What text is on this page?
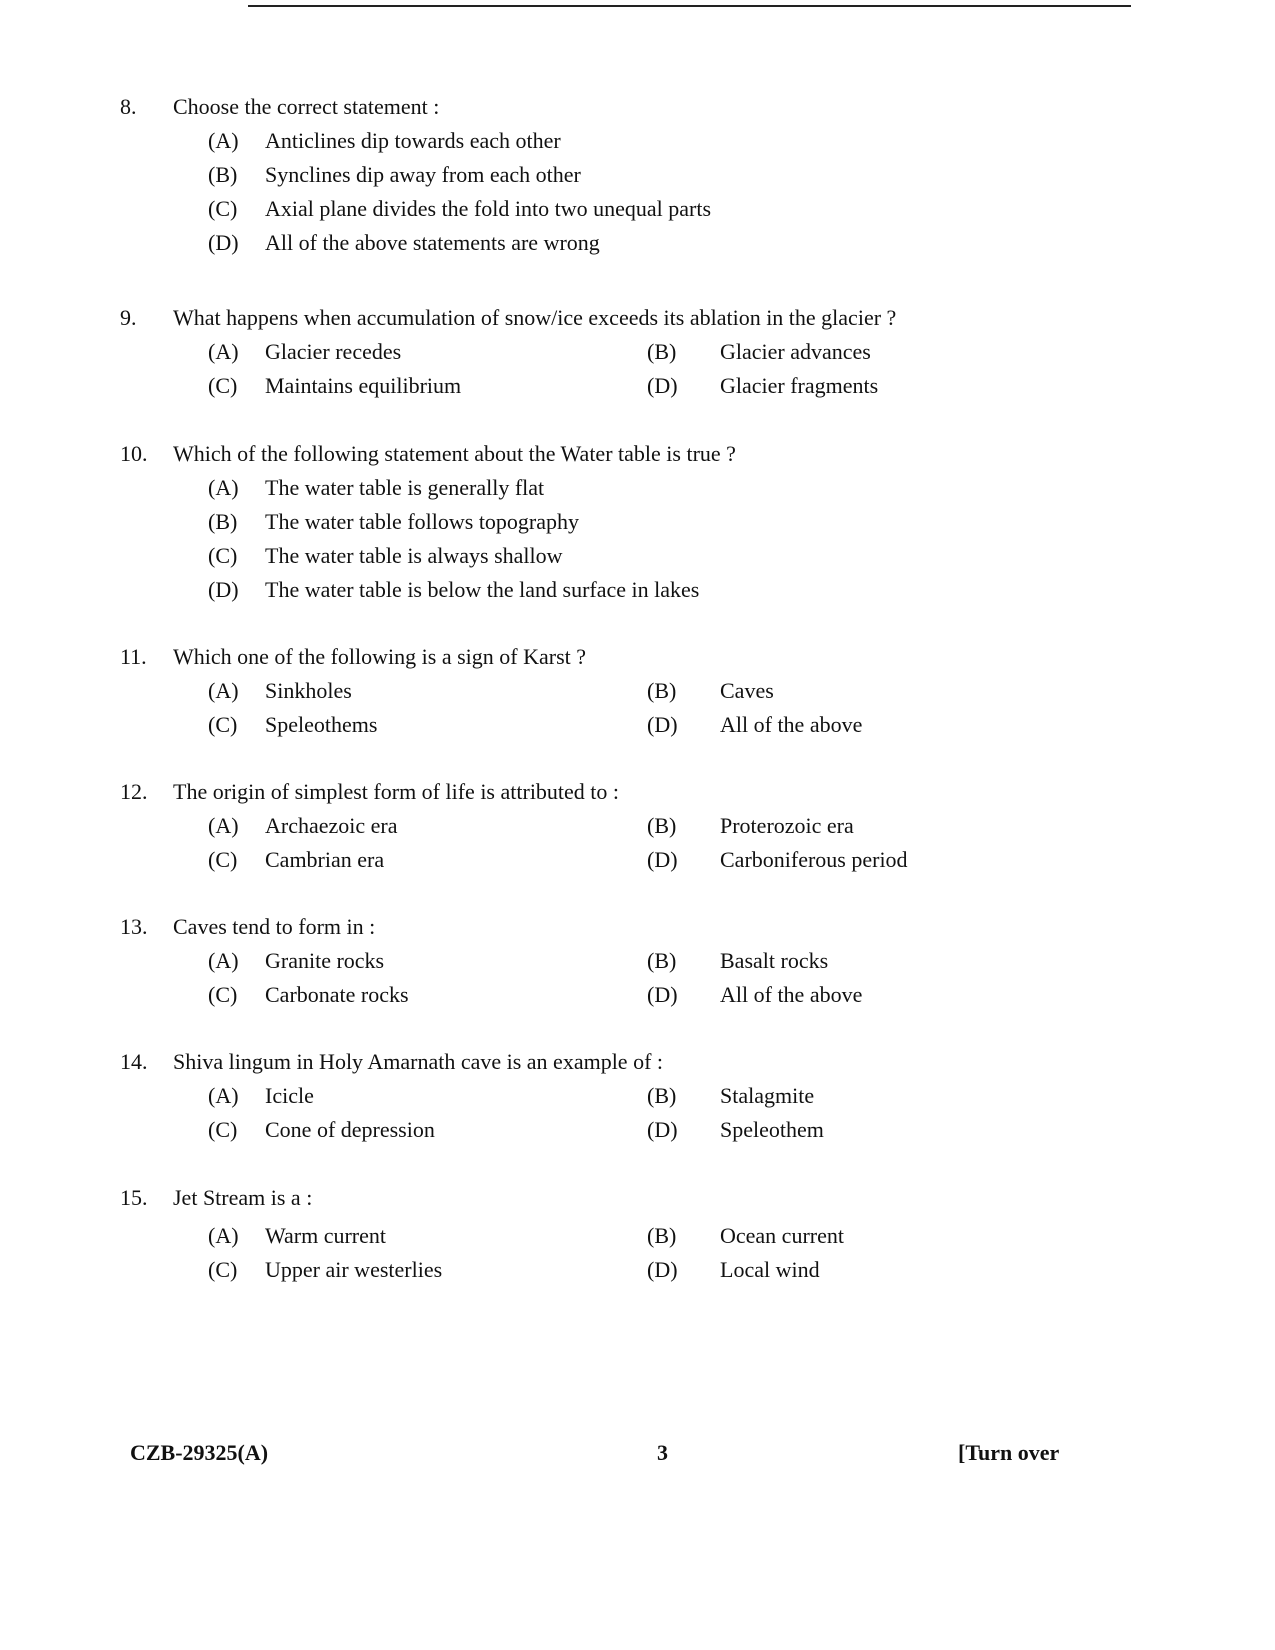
8. Choose the correct statement :
(A) Anticlines dip towards each other
(B) Synclines dip away from each other
(C) Axial plane divides the fold into two unequal parts
(D) All of the above statements are wrong
9. What happens when accumulation of snow/ice exceeds its ablation in the glacier ?
(A) Glacier recedes	(B) Glacier advances
(C) Maintains equilibrium	(D) Glacier fragments
10. Which of the following statement about the Water table is true ?
(A) The water table is generally flat
(B) The water table follows topography
(C) The water table is always shallow
(D) The water table is below the land surface in lakes
11. Which one of the following is a sign of Karst ?
(A) Sinkholes	(B) Caves
(C) Speleothems	(D) All of the above
12. The origin of simplest form of life is attributed to :
(A) Archaezoic era	(B) Proterozoic era
(C) Cambrian era	(D) Carboniferous period
13. Caves tend to form in :
(A) Granite rocks	(B) Basalt rocks
(C) Carbonate rocks	(D) All of the above
14. Shiva lingum in Holy Amarnath cave is an example of :
(A) Icicle	(B) Stalagmite
(C) Cone of depression	(D) Speleothem
15. Jet Stream is a :
(A) Warm current	(B) Ocean current
(C) Upper air westerlies	(D) Local wind
CZB-29325(A)	3	[Turn over
